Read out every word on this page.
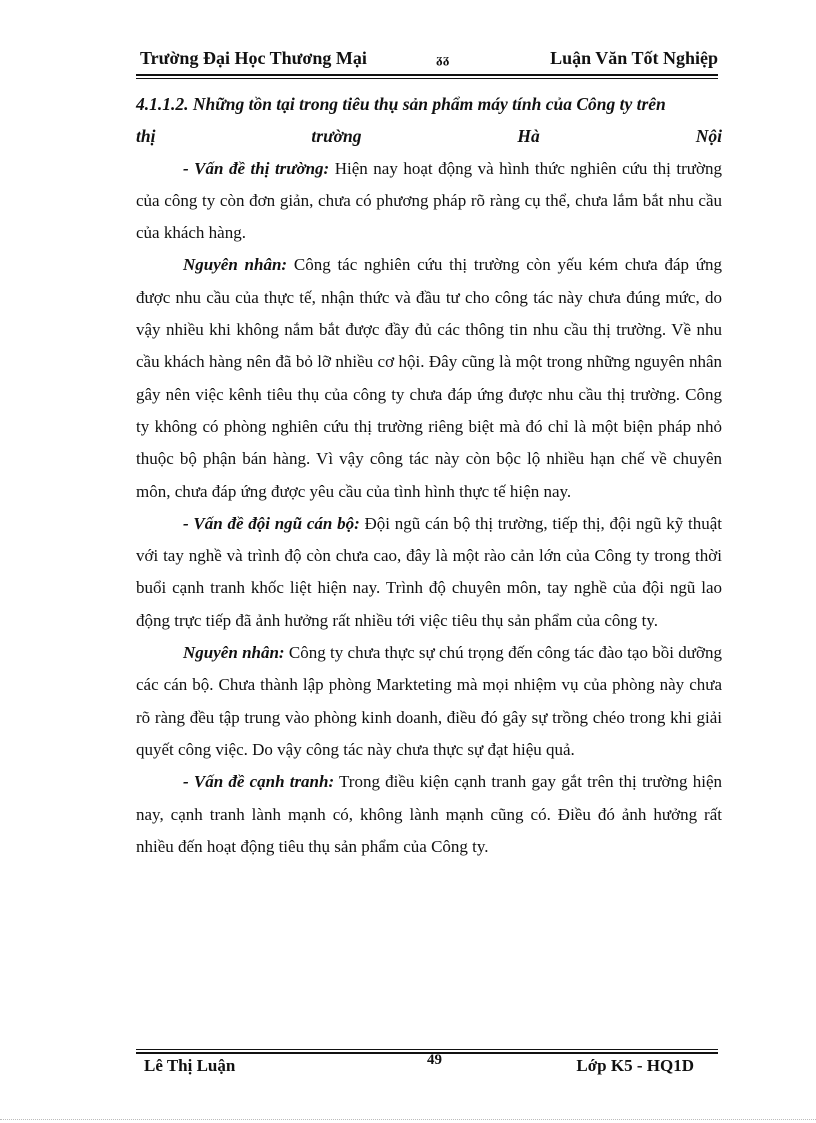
Trường Đại Học Thương Mại	ᵹᵹ	Luận Văn Tốt Nghiệp
4.1.1.2. Những tồn tại trong tiêu thụ sản phẩm máy tính của Công ty trên
thị	trường	Hà	Nội

- Vấn đề thị trường: Hiện nay hoạt động và hình thức nghiên cứu thị trường của công ty còn đơn giản, chưa có phương pháp rõ ràng cụ thể, chưa lắm bắt nhu cầu của khách hàng.

Nguyên nhân: Công tác nghiên cứu thị trường còn yếu kém chưa đáp ứng được nhu cầu của thực tế, nhận thức và đầu tư cho công tác này chưa đúng mức, do vậy nhiều khi không nắm bắt được đầy đủ các thông tin nhu cầu thị trường. Về nhu cầu khách hàng nên đã bỏ lỡ nhiều cơ hội. Đây cũng là một trong những nguyên nhân gây nên việc kênh tiêu thụ của công ty chưa đáp ứng được nhu cầu thị trường. Công ty không có phòng nghiên cứu thị trường riêng biệt mà đó chỉ là một biện pháp nhỏ thuộc bộ phận bán hàng. Vì vậy công tác này còn bộc lộ nhiều hạn chế về chuyên môn, chưa đáp ứng được yêu cầu của tình hình thực tế hiện nay.

- Vấn đề đội ngũ cán bộ: Đội ngũ cán bộ thị trường, tiếp thị, đội ngũ kỹ thuật với tay nghề và trình độ còn chưa cao, đây là một rào cản lớn của Công ty trong thời buổi cạnh tranh khốc liệt hiện nay. Trình độ chuyên môn, tay nghề của đội ngũ lao động trực tiếp đã ảnh hưởng rất nhiều tới việc tiêu thụ sản phẩm của công ty.

Nguyên nhân: Công ty chưa thực sự chú trọng đến công tác đào tạo bồi dưỡng các cán bộ. Chưa thành lập phòng Markteting mà mọi nhiệm vụ của phòng này chưa rõ ràng đều tập trung vào phòng kinh doanh, điều đó gây sự trồng chéo trong khi giải quyết công việc. Do vậy công tác này chưa thực sự đạt hiệu quả.

- Vấn đề cạnh tranh: Trong điều kiện cạnh tranh gay gắt trên thị trường hiện nay, cạnh tranh lành mạnh có, không lành mạnh cũng có. Điều đó ảnh hưởng rất nhiều đến hoạt động tiêu thụ sản phẩm của Công ty.

Lê Thị Luận	49	Lớp K5 - HQ1D
